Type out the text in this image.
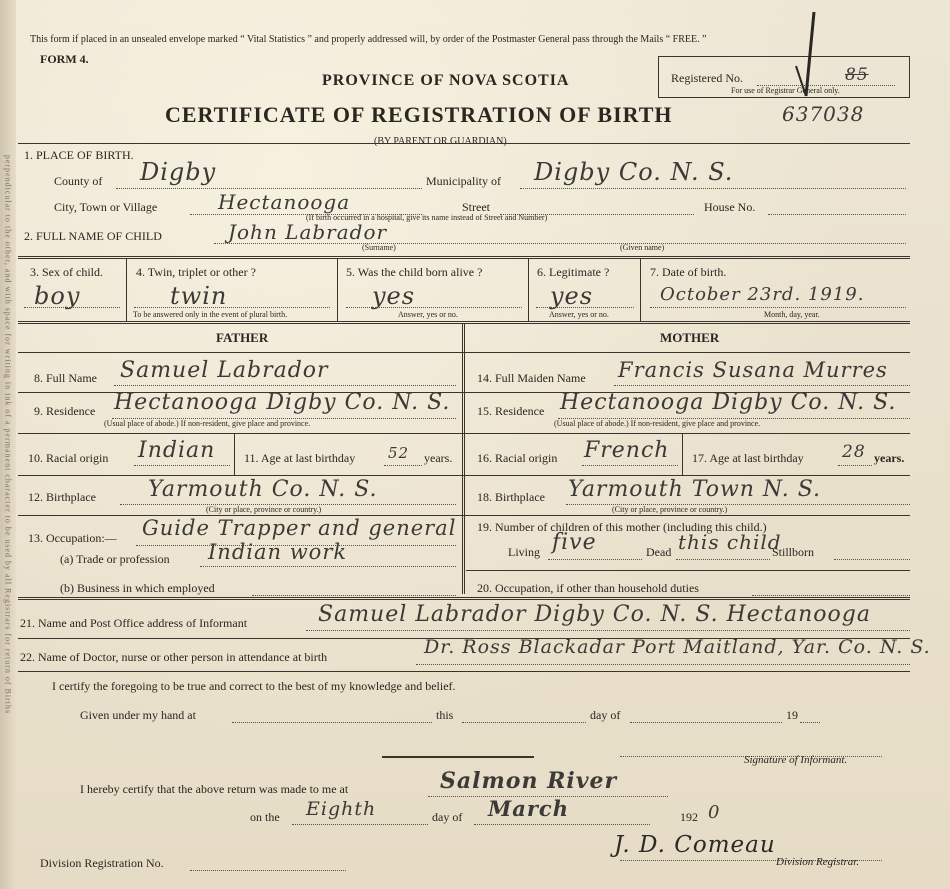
perpendicular to the other, and with space for writing in ink of a permanent character to be used by all Registrars for return of Births
This form if placed in an unsealed envelope marked “ Vital Statistics ” and properly addressed will, by order of the Postmaster General pass through the Mails “ FREE. ”
FORM 4.
PROVINCE OF NOVA SCOTIA
CERTIFICATE OF REGISTRATION OF BIRTH
(BY PARENT OR GUARDIAN)
Registered No.	85
For use of Registrar General only.
637038
1. PLACE OF BIRTH.
County of Digby	Municipality of Digby Co. N. S.
City, Town or Village	Hectanooga	Street	House No.
(If birth occurred in a hospital, give its name instead of Street and Number)
2. FULL NAME OF CHILD	John Labrador
(Surname)	(Given name)
3. Sex of child.
boy
4. Twin, triplet or other ?
twin
To be answered only in the event of plural birth.
5. Was the child born alive ?
yes
Answer, yes or no.
6. Legitimate ?
yes
Answer, yes or no.
7. Date of birth.
October 23rd. 1919.
Month, day, year.
FATHER	MOTHER
8. Full Name Samuel Labrador	14. Full Maiden Name Francis Susana Murres
9. Residence Hectanooga Digby Co. N. S.
(Usual place of abode.) If non-resident, give place and province.
15. Residence Hectanooga Digby Co. N. S.
(Usual place of abode.) If non-resident, give place and province.
10. Racial origin Indian 11. Age at last birthday 52 years. 16. Racial origin French 17. Age at last birthday 28 years.
12. Birthplace Yarmouth Co. N. S.
(City or place, province or country.)
18. Birthplace Yarmouth Town N. S.
(City or place, province or country.)
13. Occupation:— Guide Trapper and general
(a) Trade or profession Indian work
(b) Business in which employed
19. Number of children of this mother (including this child.)
Living five	Dead this child
Stillborn
20. Occupation, if other than household duties
21. Name and Post Office address of Informant	Samuel Labrador Digby Co. N. S. Hectanooga
22. Name of Doctor, nurse or other person in attendance at birth	Dr. Ross Blackadar Port Maitland, Yar. Co. N. S.
I certify the foregoing to be true and correct to the best of my knowledge and belief.
Given under my hand at	this	day of	19
Signature of Informant.
I hereby certify that the above return was made to me at	Salmon River
on the Eighth	day of March	192 0
Division Registration No.
J. D. Comeau
Division Registrar.
